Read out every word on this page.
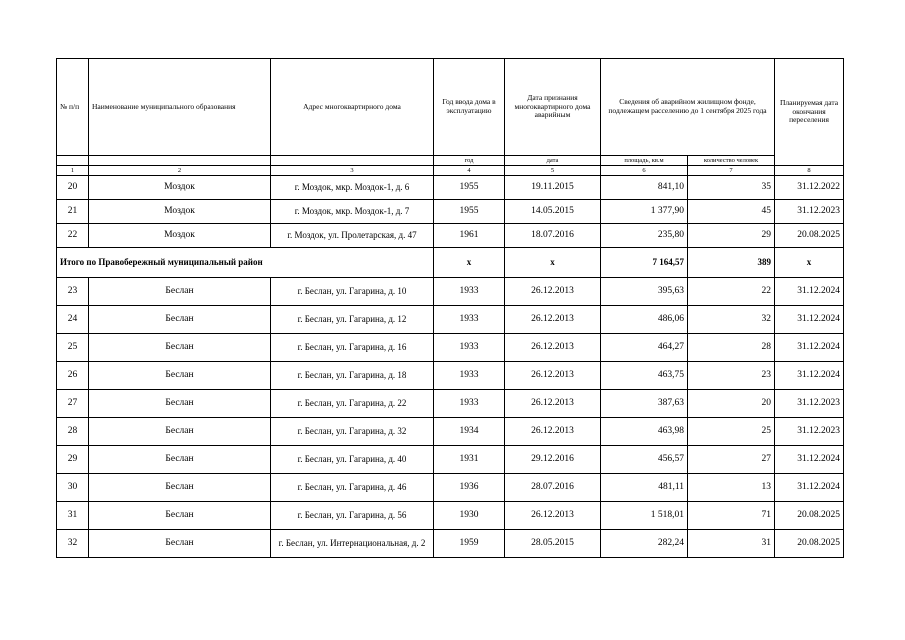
№ п/п	Наименование муниципального образования	Адрес многоквартирного дома	Год ввода дома в эксплуатацию	Дата признания многоквартирного дома аварийным	Сведения об аварийном жилищном фонде, подлежащем расселению до 1 сентября 2025 года		Планируемая дата окончания переселения
			год	дата	площадь, кв.м	количество человек	
1	2	3	4	5	6	7	8
20	Моздок	г. Моздок, мкр. Моздок-1, д. 6	1955	19.11.2015	841,10	35	31.12.2022
21	Моздок	г. Моздок, мкр. Моздок-1, д. 7	1955	14.05.2015	1 377,90	45	31.12.2023
22	Моздок	г. Моздок, ул. Пролетарская, д. 47	1961	18.07.2016	235,80	29	20.08.2025
Итого по Правобережный муниципальный район			х	х	7 164,57	389	х
23	Беслан	г. Беслан, ул. Гагарина, д. 10	1933	26.12.2013	395,63	22	31.12.2024
24	Беслан	г. Беслан, ул. Гагарина, д. 12	1933	26.12.2013	486,06	32	31.12.2024
25	Беслан	г. Беслан, ул. Гагарина, д. 16	1933	26.12.2013	464,27	28	31.12.2024
26	Беслан	г. Беслан, ул. Гагарина, д. 18	1933	26.12.2013	463,75	23	31.12.2024
27	Беслан	г. Беслан, ул. Гагарина, д. 22	1933	26.12.2013	387,63	20	31.12.2023
28	Беслан	г. Беслан, ул. Гагарина, д. 32	1934	26.12.2013	463,98	25	31.12.2023
29	Беслан	г. Беслан, ул. Гагарина, д. 40	1931	29.12.2016	456,57	27	31.12.2024
30	Беслан	г. Беслан, ул. Гагарина, д. 46	1936	28.07.2016	481,11	13	31.12.2024
31	Беслан	г. Беслан, ул. Гагарина, д. 56	1930	26.12.2013	1 518,01	71	20.08.2025
32	Беслан	г. Беслан, ул. Интернациональная, д. 2	1959	28.05.2015	282,24	31	20.08.2025
